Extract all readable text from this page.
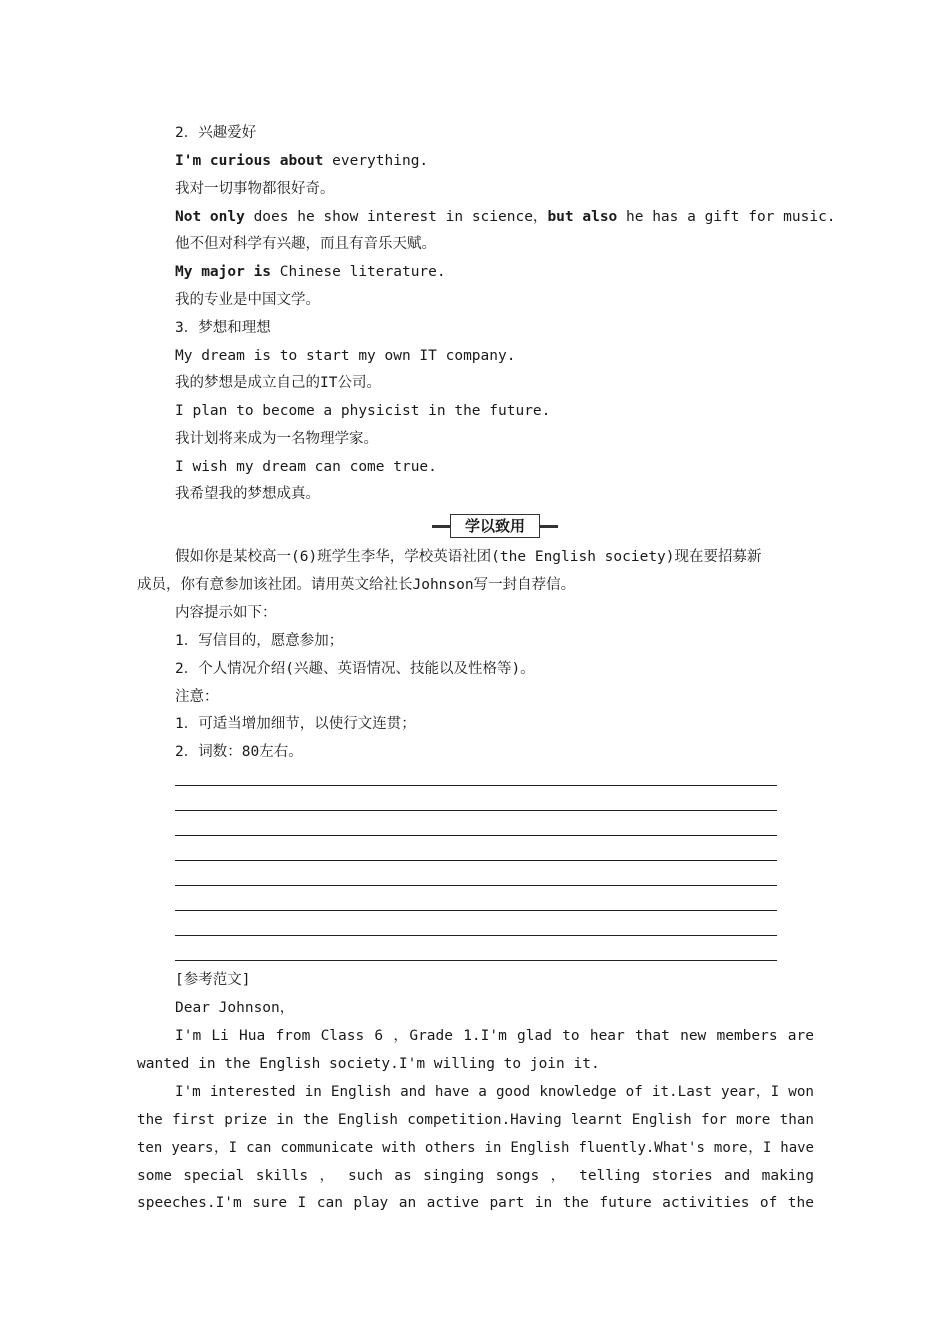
2．兴趣爱好
I'm curious about everything.
我对一切事物都很好奇。
Not only does he show interest in science，but also he has a gift for music.
他不但对科学有兴趣，而且有音乐天赋。
My major is Chinese literature.
我的专业是中国文学。
3．梦想和理想
My dream is to start my own IT company.
我的梦想是成立自己的IT公司。
I plan to become a physicist in the future.
我计划将来成为一名物理学家。
I wish my dream can come true.
我希望我的梦想成真。
学以致用
假如你是某校高一(6)班学生李华，学校英语社团(the English society)现在要招募新
成员，你有意参加该社团。请用英文给社长Johnson写一封自荐信。
内容提示如下：
1．写信目的，愿意参加；
2．个人情况介绍(兴趣、英语情况、技能以及性格等)。
注意：
1．可适当增加细节，以使行文连贯；
2．词数：80左右。
[参考范文]
Dear Johnson，
I'm Li Hua from Class 6 ，Grade 1.I'm glad to hear that new members are
wanted in the English society.I'm willing to join it.
I'm interested in English and have a good knowledge of it.Last year，I won
the first prize in the English competition.Having learnt English for more than
ten years，I can communicate with others in English fluently.What's more，I have
some special skills ， such as singing songs ， telling stories and making
speeches.I'm sure I can play an active part in the future activities of the
